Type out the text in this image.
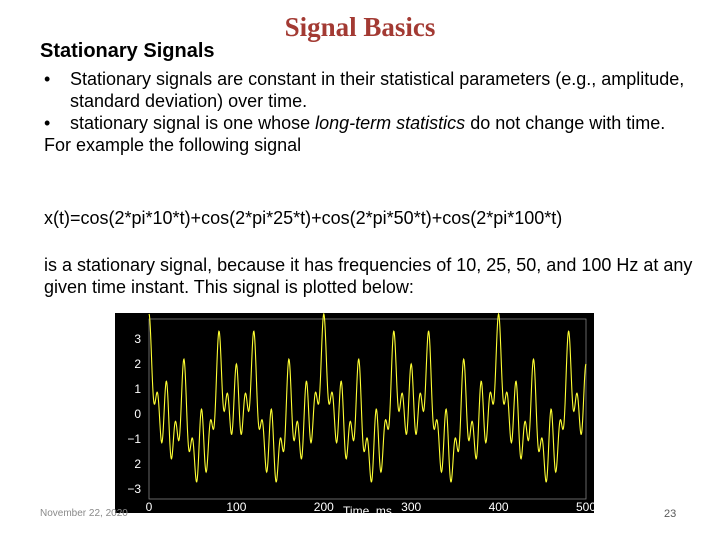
Signal Basics
Stationary Signals
• Stationary signals are constant in their statistical parameters (e.g., amplitude, standard deviation) over time.
• stationary signal is one whose long-term statistics do not change with time.
For example the following signal
x(t)=cos(2*pi*10*t)+cos(2*pi*25*t)+cos(2*pi*50*t)+cos(2*pi*100*t)
is a stationary signal, because it has frequencies of 10, 25, 50, and 100 Hz at any given time instant. This signal is plotted below:
3
2
1
0
−1
2
−3
0	100	200	300	400	500
Time, ms
November 22, 2020	23
